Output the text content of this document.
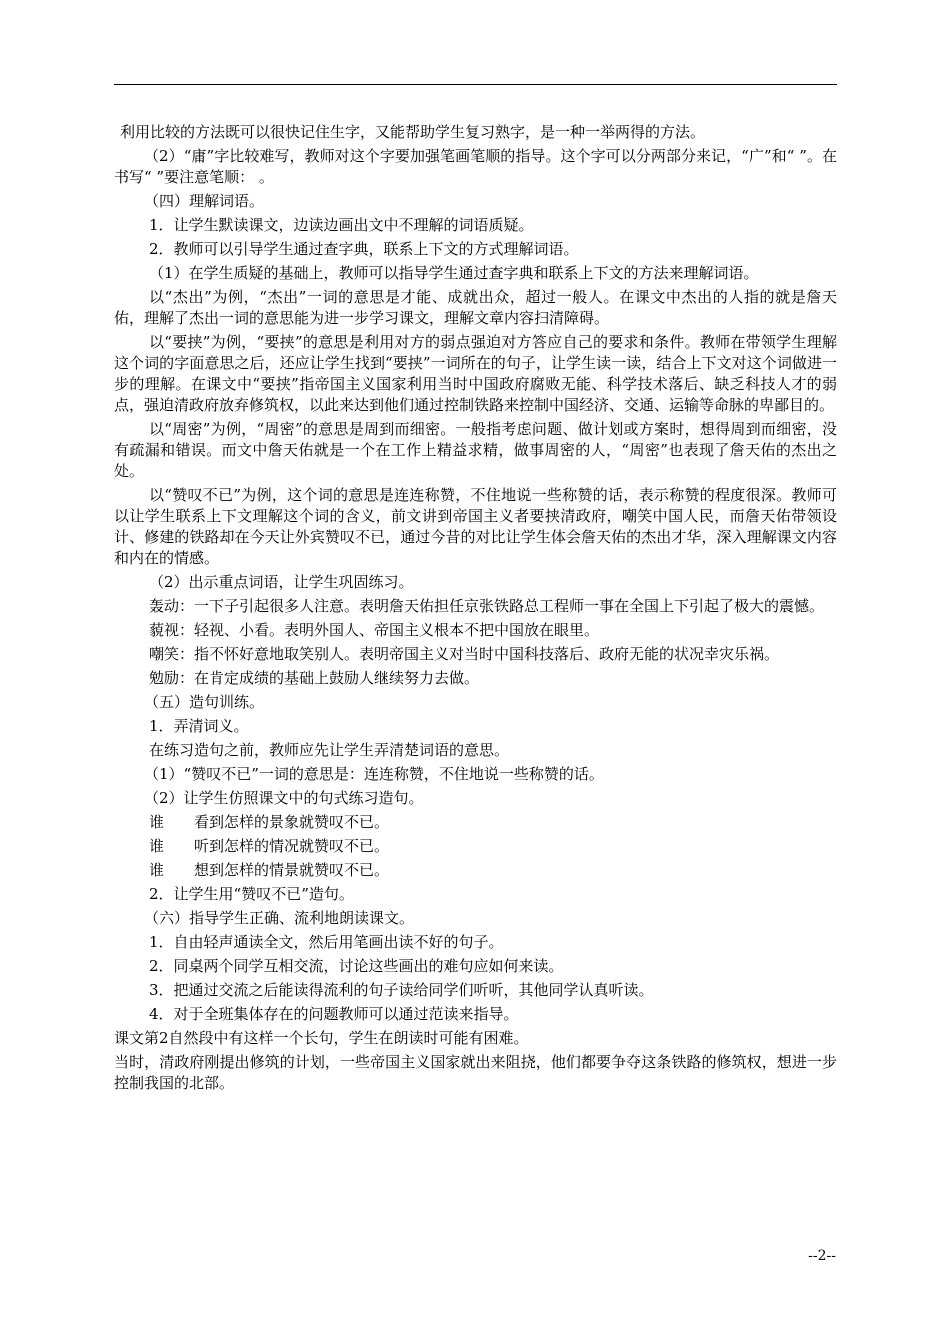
利用比较的方法既可以很快记住生字，又能帮助学生复习熟字，是一种一举两得的方法。

（2）“庸”字比较难写，教师对这个字要加强笔画笔顺的指导。这个字可以分两部分来记，“广”和“ ”。在书写“ ”要注意笔顺： 。

（四）理解词语。

1．让学生默读课文，边读边画出文中不理解的词语质疑。

2．教师可以引导学生通过查字典，联系上下文的方式理解词语。

（1）在学生质疑的基础上，教师可以指导学生通过查字典和联系上下文的方法来理解词语。

以“杰出”为例，“杰出”一词的意思是才能、成就出众，超过一般人。在课文中杰出的人指的就是詹天佑，理解了杰出一词的意思能为进一步学习课文，理解文章内容扫清障碍。

以“要挟”为例，“要挟”的意思是利用对方的弱点强迫对方答应自己的要求和条件。教师在带领学生理解这个词的字面意思之后，还应让学生找到“要挟”一词所在的句子，让学生读一读，结合上下文对这个词做进一步的理解。在课文中“要挟”指帝国主义国家利用当时中国政府腐败无能、科学技术落后、缺乏科技人才的弱点，强迫清政府放弃修筑权，以此来达到他们通过控制铁路来控制中国经济、交通、运输等命脉的卑鄙目的。

以“周密”为例，“周密”的意思是周到而细密。一般指考虑问题、做计划或方案时，想得周到而细密，没有疏漏和错误。而文中詹天佑就是一个在工作上精益求精，做事周密的人，“周密”也表现了詹天佑的杰出之处。

以“赞叹不已”为例，这个词的意思是连连称赞，不住地说一些称赞的话，表示称赞的程度很深。教师可以让学生联系上下文理解这个词的含义，前文讲到帝国主义者要挟清政府，嘲笑中国人民，而詹天佑带领设计、修建的铁路却在今天让外宾赞叹不已，通过今昔的对比让学生体会詹天佑的杰出才华，深入理解课文内容和内在的情感。

（2）出示重点词语，让学生巩固练习。

轰动：一下子引起很多人注意。表明詹天佑担任京张铁路总工程师一事在全国上下引起了极大的震憾。

藐视：轻视、小看。表明外国人、帝国主义根本不把中国放在眼里。

嘲笑：指不怀好意地取笑别人。表明帝国主义对当时中国科技落后、政府无能的状况幸灾乐祸。

勉励：在肯定成绩的基础上鼓励人继续努力去做。

（五）造句训练。

1．弄清词义。

在练习造句之前，教师应先让学生弄清楚词语的意思。

（1）“赞叹不已”一词的意思是：连连称赞，不住地说一些称赞的话。

（2）让学生仿照课文中的句式练习造句。

谁　　看到怎样的景象就赞叹不已。

谁　　听到怎样的情况就赞叹不已。

谁　　想到怎样的情景就赞叹不已。

2．让学生用“赞叹不已”造句。

（六）指导学生正确、流利地朗读课文。

1．自由轻声通读全文，然后用笔画出读不好的句子。

2．同桌两个同学互相交流，讨论这些画出的难句应如何来读。

3．把通过交流之后能读得流利的句子读给同学们听听，其他同学认真听读。

4．对于全班集体存在的问题教师可以通过范读来指导。

课文第2自然段中有这样一个长句，学生在朗读时可能有困难。

当时，清政府刚提出修筑的计划，一些帝国主义国家就出来阻挠，他们都要争夺这条铁路的修筑权，想进一步控制我国的北部。

--2--
